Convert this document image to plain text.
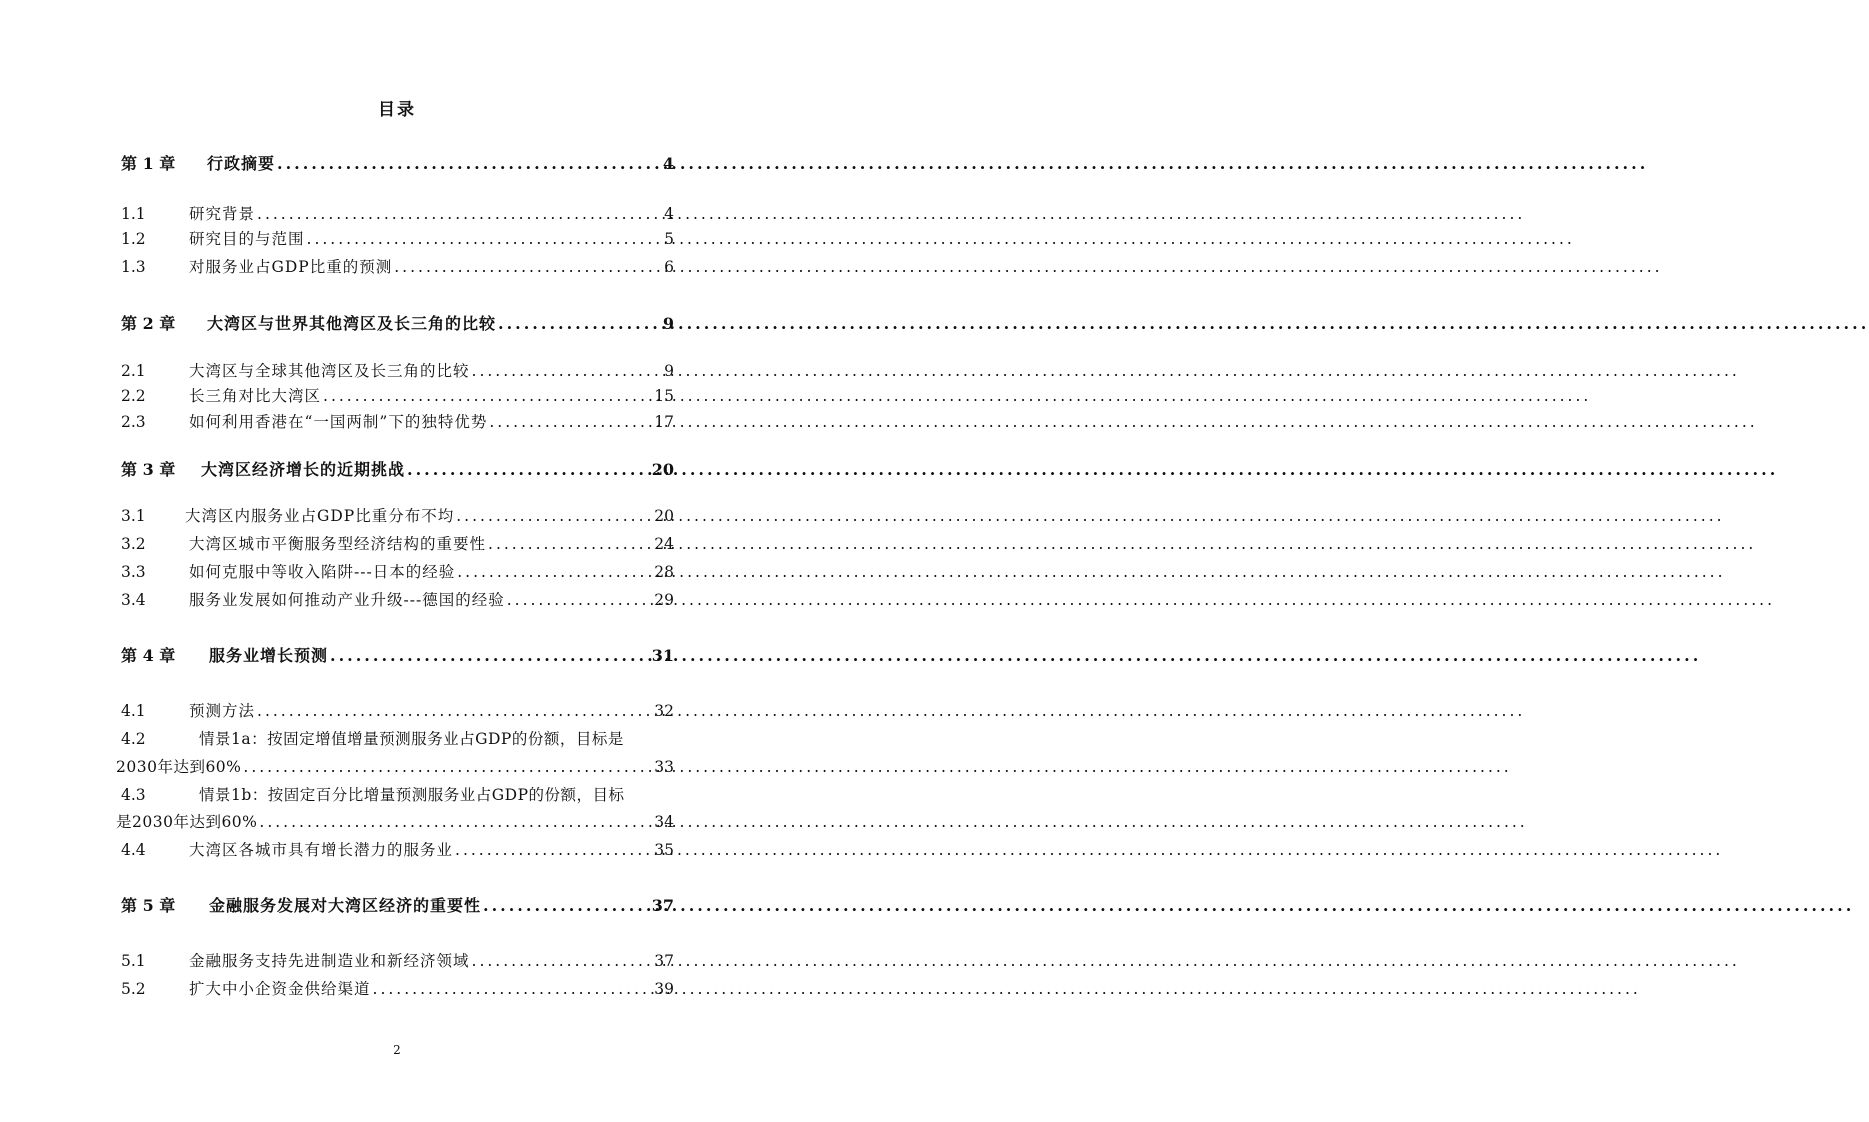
目录
第 1 章	行政摘要 .....	4
1.1	研究背景 .....	4
1.2	研究目的与范围 .....	5
1.3	对服务业占GDP比重的预测 .....	6
第 2 章	大湾区与世界其他湾区及长三角的比较 .....	9
2.1	大湾区与全球其他湾区及长三角的比较 .....	9
2.2	长三角对比大湾区 .....	15
2.3	如何利用香港在“一国两制”下的独特优势 .....	17
第 3 章	大湾区经济增长的近期挑战 .....	20
3.1	大湾区内服务业占GDP比重分布不均 .....	20
3.2	大湾区城市平衡服务型经济结构的重要性 .....	24
3.3	如何克服中等收入陷阱---日本的经验 .....	28
3.4	服务业发展如何推动产业升级---德国的经验 .....	29
第 4 章	服务业增长预测 .....	31
4.1	预测方法 .....	32
4.2	情景1a：按固定增值增量预测服务业占GDP的份额，目标是
2030年达到60% .....	33
4.3	情景1b：按固定百分比增量预测服务业占GDP的份额，目标
是2030年达到60% .....	34
4.4	大湾区各城市具有增长潜力的服务业 .....	35
第 5 章	金融服务发展对大湾区经济的重要性 .....	37
5.1	金融服务支持先进制造业和新经济领域 .....	37
5.2	扩大中小企资金供给渠道 .....	39
2
